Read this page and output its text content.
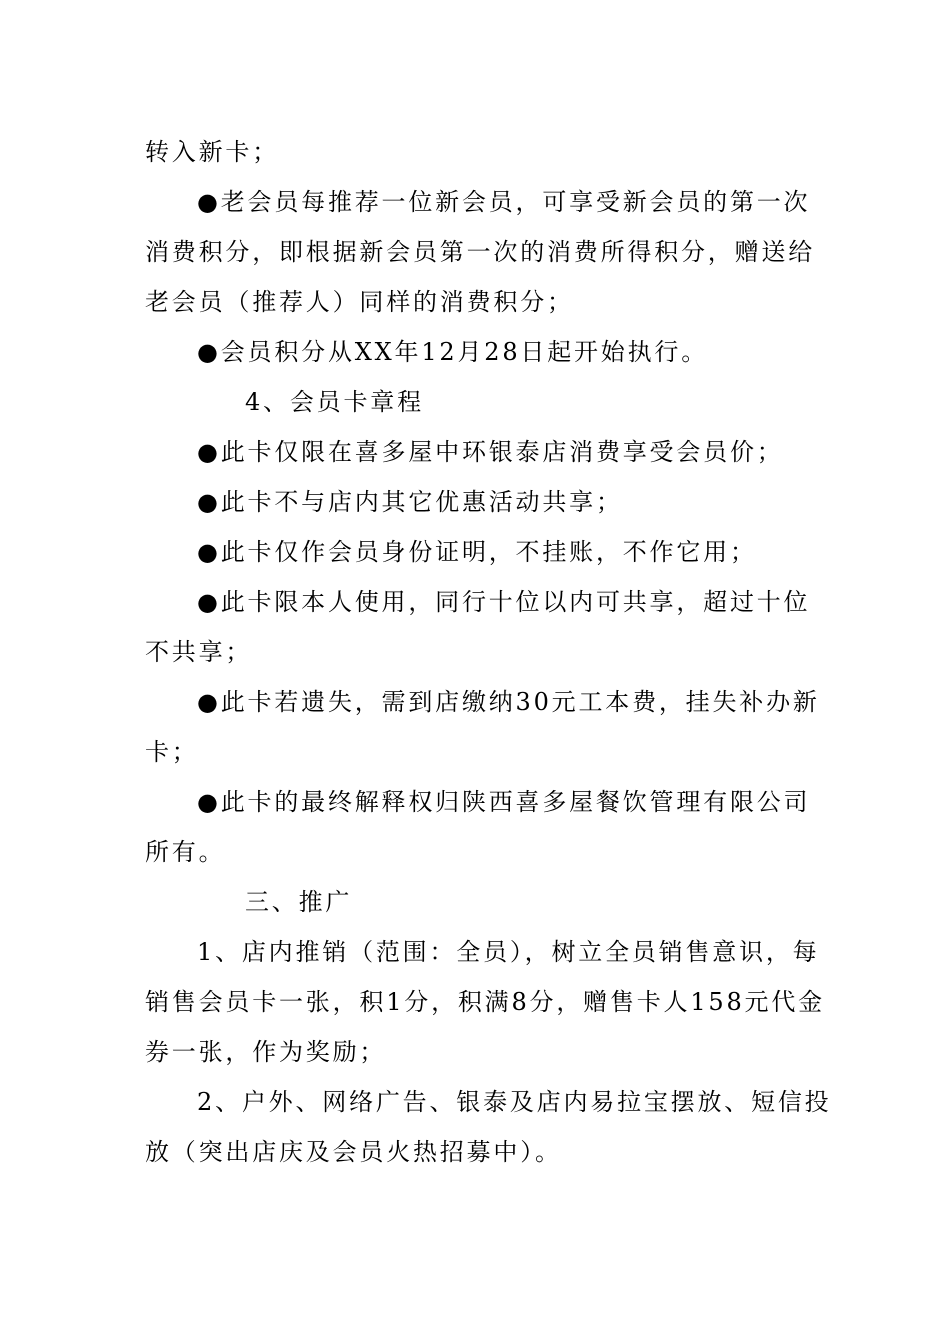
转入新卡；
●老会员每推荐一位新会员，可享受新会员的第一次
消费积分，即根据新会员第一次的消费所得积分，赠送给
老会员（推荐人）同样的消费积分；
●会员积分从XX年12月28日起开始执行。
4、会员卡章程
●此卡仅限在喜多屋中环银泰店消费享受会员价；
●此卡不与店内其它优惠活动共享；
●此卡仅作会员身份证明，不挂账，不作它用；
●此卡限本人使用，同行十位以内可共享，超过十位
不共享；
●此卡若遗失，需到店缴纳30元工本费，挂失补办新
卡；
●此卡的最终解释权归陕西喜多屋餐饮管理有限公司
所有。
三、推广
1、店内推销（范围：全员），树立全员销售意识，每
销售会员卡一张，积1分，积满8分，赠售卡人158元代金
券一张，作为奖励；
2、户外、网络广告、银泰及店内易拉宝摆放、短信投
放（突出店庆及会员火热招募中）。
